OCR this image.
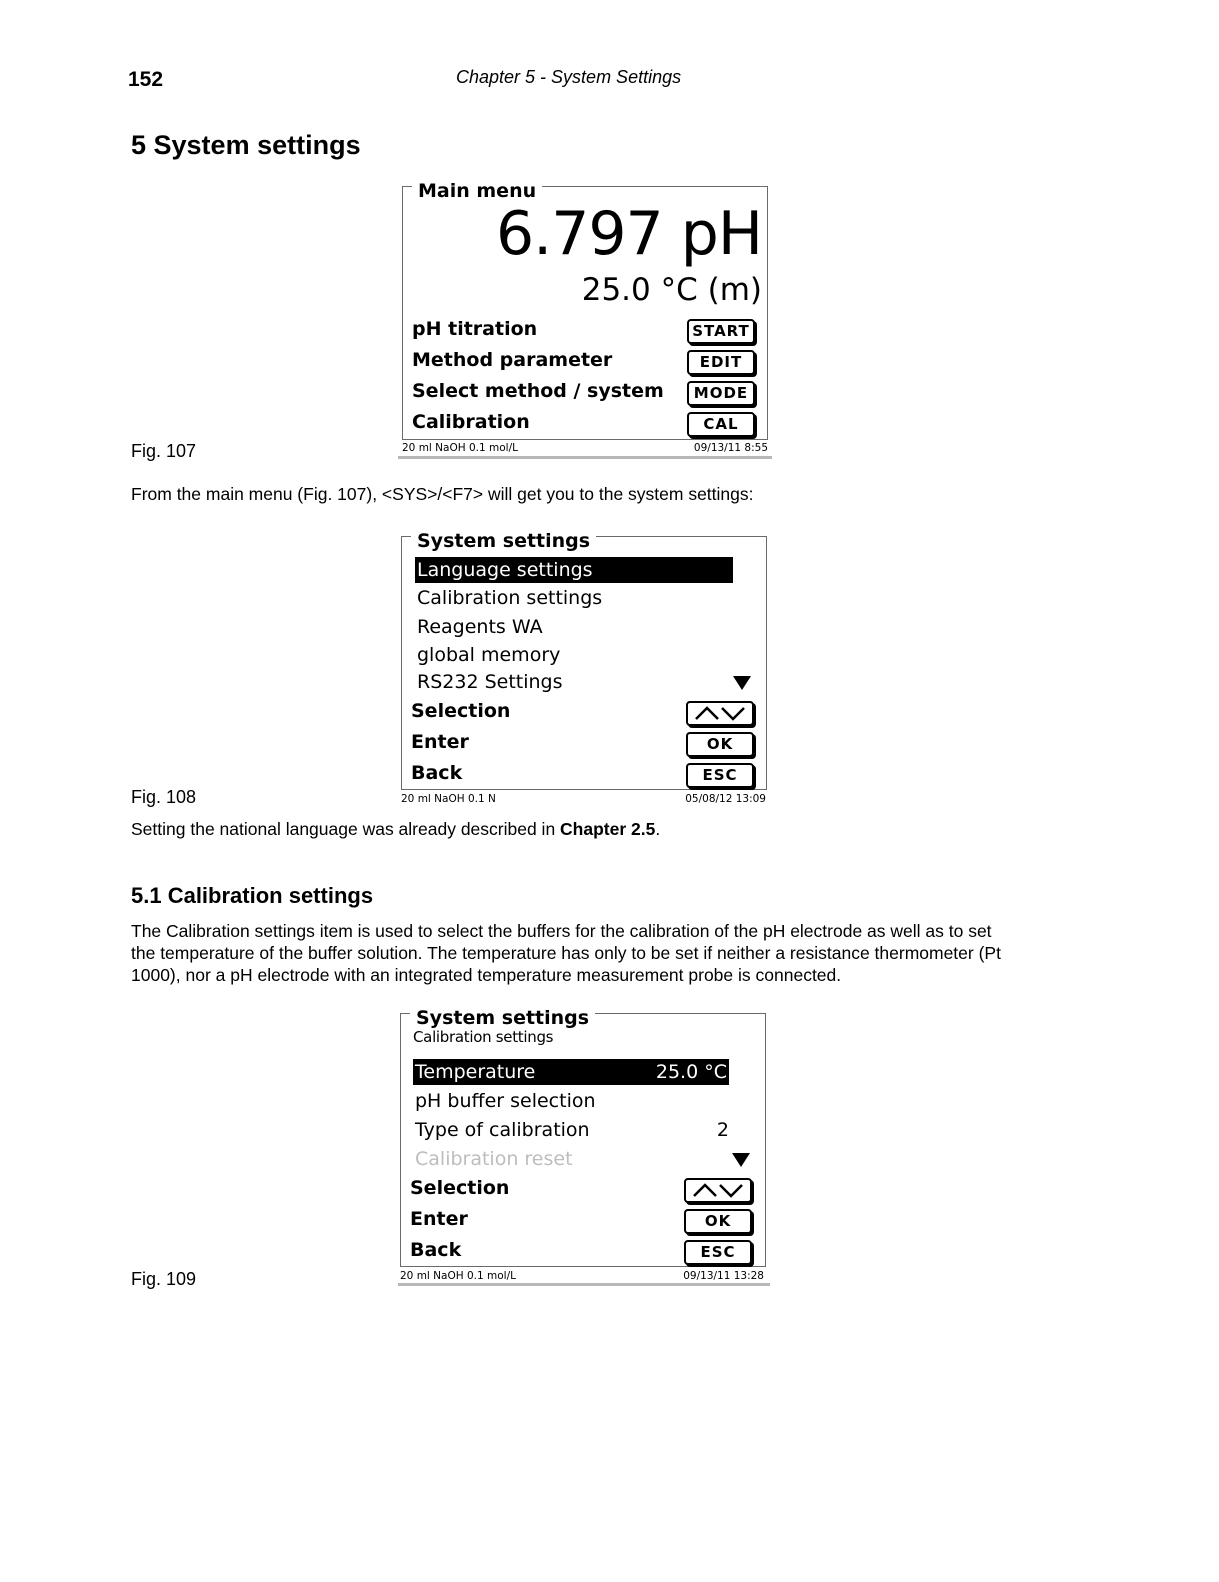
152	Chapter 5 - System Settings
5 System settings
Main menu
6.797 pH
25.0 °C (m)
pH titration	START
Method parameter	EDIT
Select method / system	MODE
Calibration	CAL
20 ml NaOH 0.1 mol/L	09/13/11 8:55
Fig. 107
From the main menu (Fig. 107), <SYS>/<F7> will get you to the system settings:
System settings
Language settings
Calibration settings
Reagents WA
global memory
RS232 Settings
Selection
Enter	OK
Back	ESC
20 ml NaOH 0.1 N	05/08/12 13:09
Fig. 108
Setting the national language was already described in Chapter 2.5.
5.1 Calibration settings
The Calibration settings item is used to select the buffers for the calibration of the pH electrode as well as to set
the temperature of the buffer solution. The temperature has only to be set if neither a resistance thermometer (Pt
1000), nor a pH electrode with an integrated temperature measurement probe is connected.
System settings
Calibration settings
Temperature	25.0 °C
pH buffer selection
Type of calibration	2
Calibration reset
Selection
Enter	OK
Back	ESC
20 ml NaOH 0.1 mol/L	09/13/11 13:28
Fig. 109
